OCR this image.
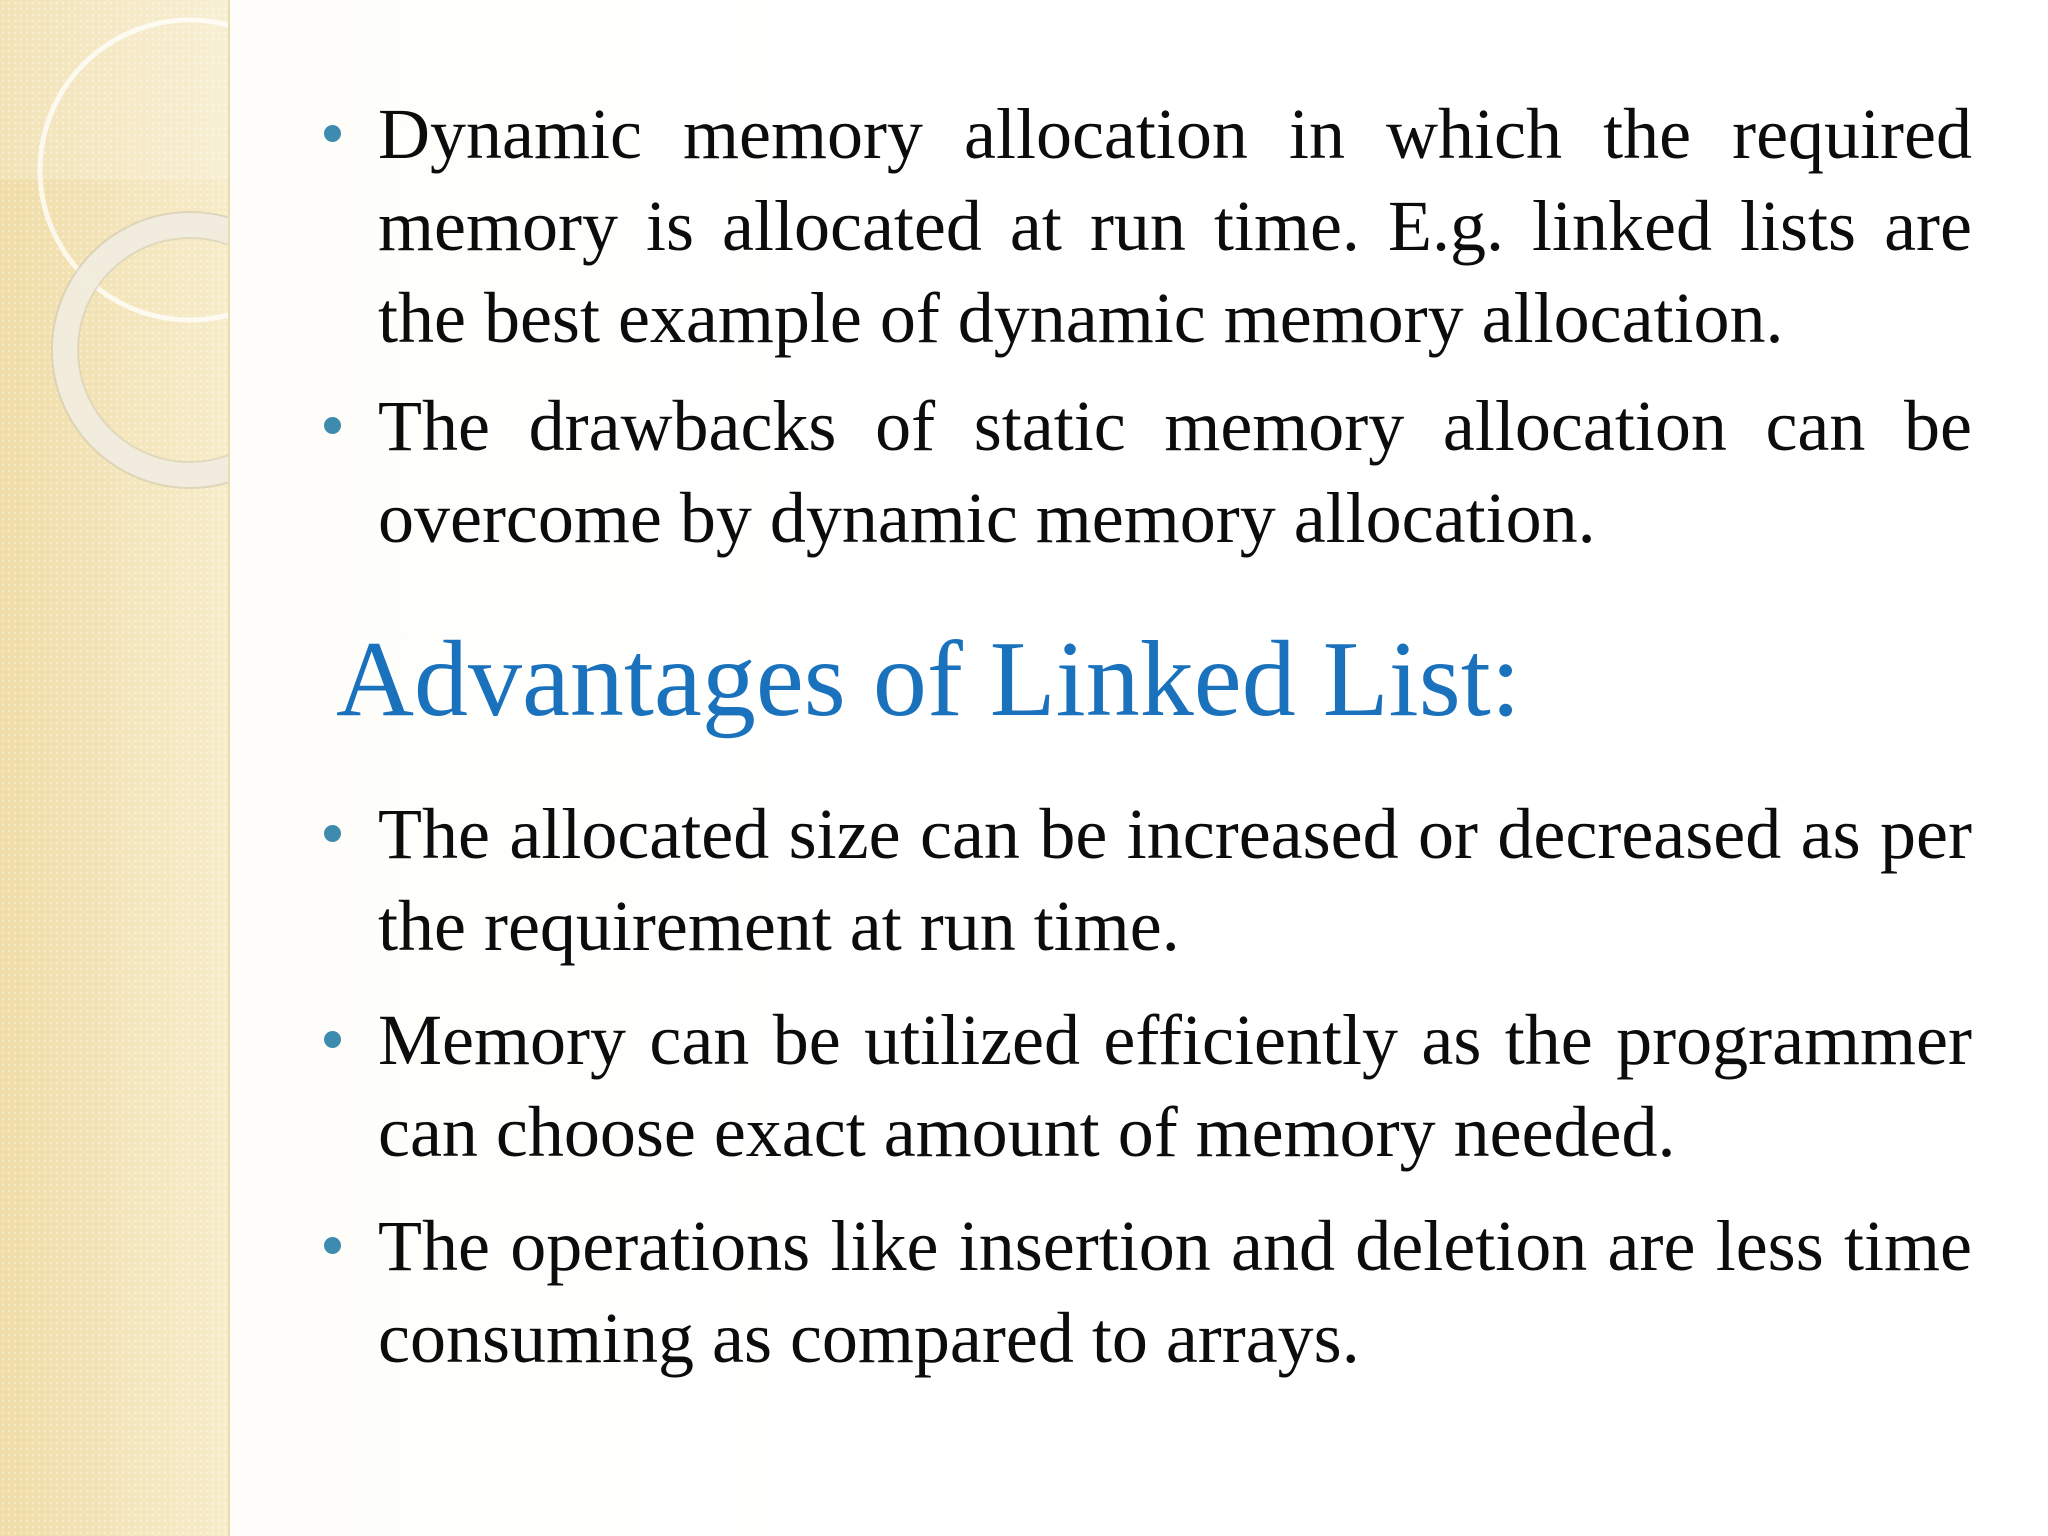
Dynamic memory allocation in which the required memory is allocated at run time. E.g. linked lists are the best example of dynamic memory allocation.
The drawbacks of static memory allocation can be overcome by dynamic memory allocation.
Advantages of Linked List:
The allocated size can be increased or decreased as per the requirement at run time.
Memory can be utilized efficiently as the programmer can choose exact amount of memory needed.
The operations like insertion and deletion are less time consuming as compared to arrays.
